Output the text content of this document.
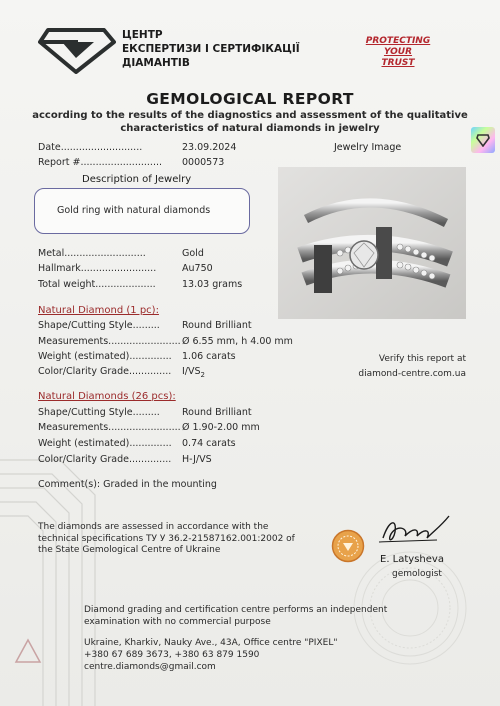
ЦЕНТР
ЕКСПЕРТИЗИ І СЕРТИФІКАЦІЇ
ДІАМАНТІВ
PROTECTING
YOUR
TRUST
GEMOLOGICAL REPORT
according to the results of the diagnostics and assessment of the qualitative
characteristics of natural diamonds in jewelry
Date...........................	23.09.2024
Report #........................... 0000573
Jewelry Image
Description of Jewelry
Gold ring with natural diamonds
Metal...........................	Gold
Hallmark.........................	Au750
Total weight....................	13.03 grams
Natural Diamond (1 pc):
Shape/Cutting Style......... Round Brilliant
Measurements........................ Ø 6.55 mm, h 4.00 mm
Weight (estimated).............. 1.06 carats
Color/Clarity Grade.............. $I/VS_2$
Verify this report at
diamond-centre.com.ua
Natural Diamonds (26 pcs):
Shape/Cutting Style......... Round Brilliant
Measurements........................ Ø 1.90-2.00 mm
Weight (estimated).............. 0.74 carats
Color/Clarity Grade.............. H-J/VS
Comment(s): Graded in the mounting
The diamonds are assessed in accordance with the
technical specifications ТУ У 36.2-21587162.001:2002 of
the State Gemological Centre of Ukraine
E. Latysheva
gemologist
Diamond grading and certification centre performs an independent
examination with no commercial purpose
Ukraine, Kharkiv, Nauky Ave., 43A, Office centre "PIXEL"
+380 67 689 3673, +380 63 879 1590
centre.diamonds@gmail.com
